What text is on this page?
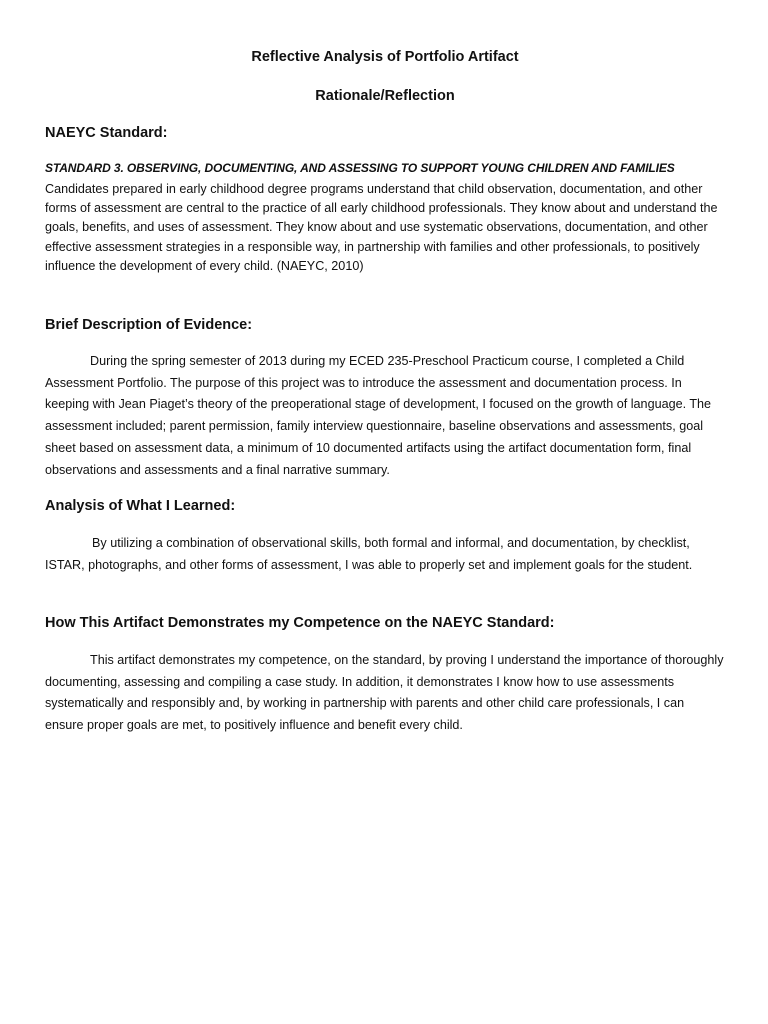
Reflective Analysis of Portfolio Artifact
Rationale/Reflection
NAEYC Standard:

STANDARD 3. OBSERVING, DOCUMENTING, AND ASSESSING TO SUPPORT YOUNG CHILDREN AND FAMILIES

Candidates prepared in early childhood degree programs understand that child observation, documentation, and other forms of assessment are central to the practice of all early childhood professionals. They know about and understand the goals, benefits, and uses of assessment. They know about and use systematic observations, documentation, and other effective assessment strategies in a responsible way, in partnership with families and other professionals, to positively influence the development of every child. (NAEYC, 2010)

Brief Description of Evidence:

During the spring semester of 2013 during my ECED 235-Preschool Practicum course, I completed a Child Assessment Portfolio. The purpose of this project was to introduce the assessment and documentation process. In keeping with Jean Piaget’s theory of the preoperational stage of development, I focused on the growth of language. The assessment included; parent permission, family interview questionnaire, baseline observations and assessments, goal sheet based on assessment data, a minimum of 10 documented artifacts using the artifact documentation form, final observations and assessments and a final narrative summary.

Analysis of What I Learned:

By utilizing a combination of observational skills, both formal and informal, and documentation, by checklist, ISTAR, photographs, and other forms of assessment, I was able to properly set and implement goals for the student.

How This Artifact Demonstrates my Competence on the NAEYC Standard:

This artifact demonstrates my competence, on the standard, by proving I understand the importance of thoroughly documenting, assessing and compiling a case study. In addition, it demonstrates I know how to use assessments systematically and responsibly and, by working in partnership with parents and other child care professionals, I can ensure proper goals are met, to positively influence and benefit every child.
